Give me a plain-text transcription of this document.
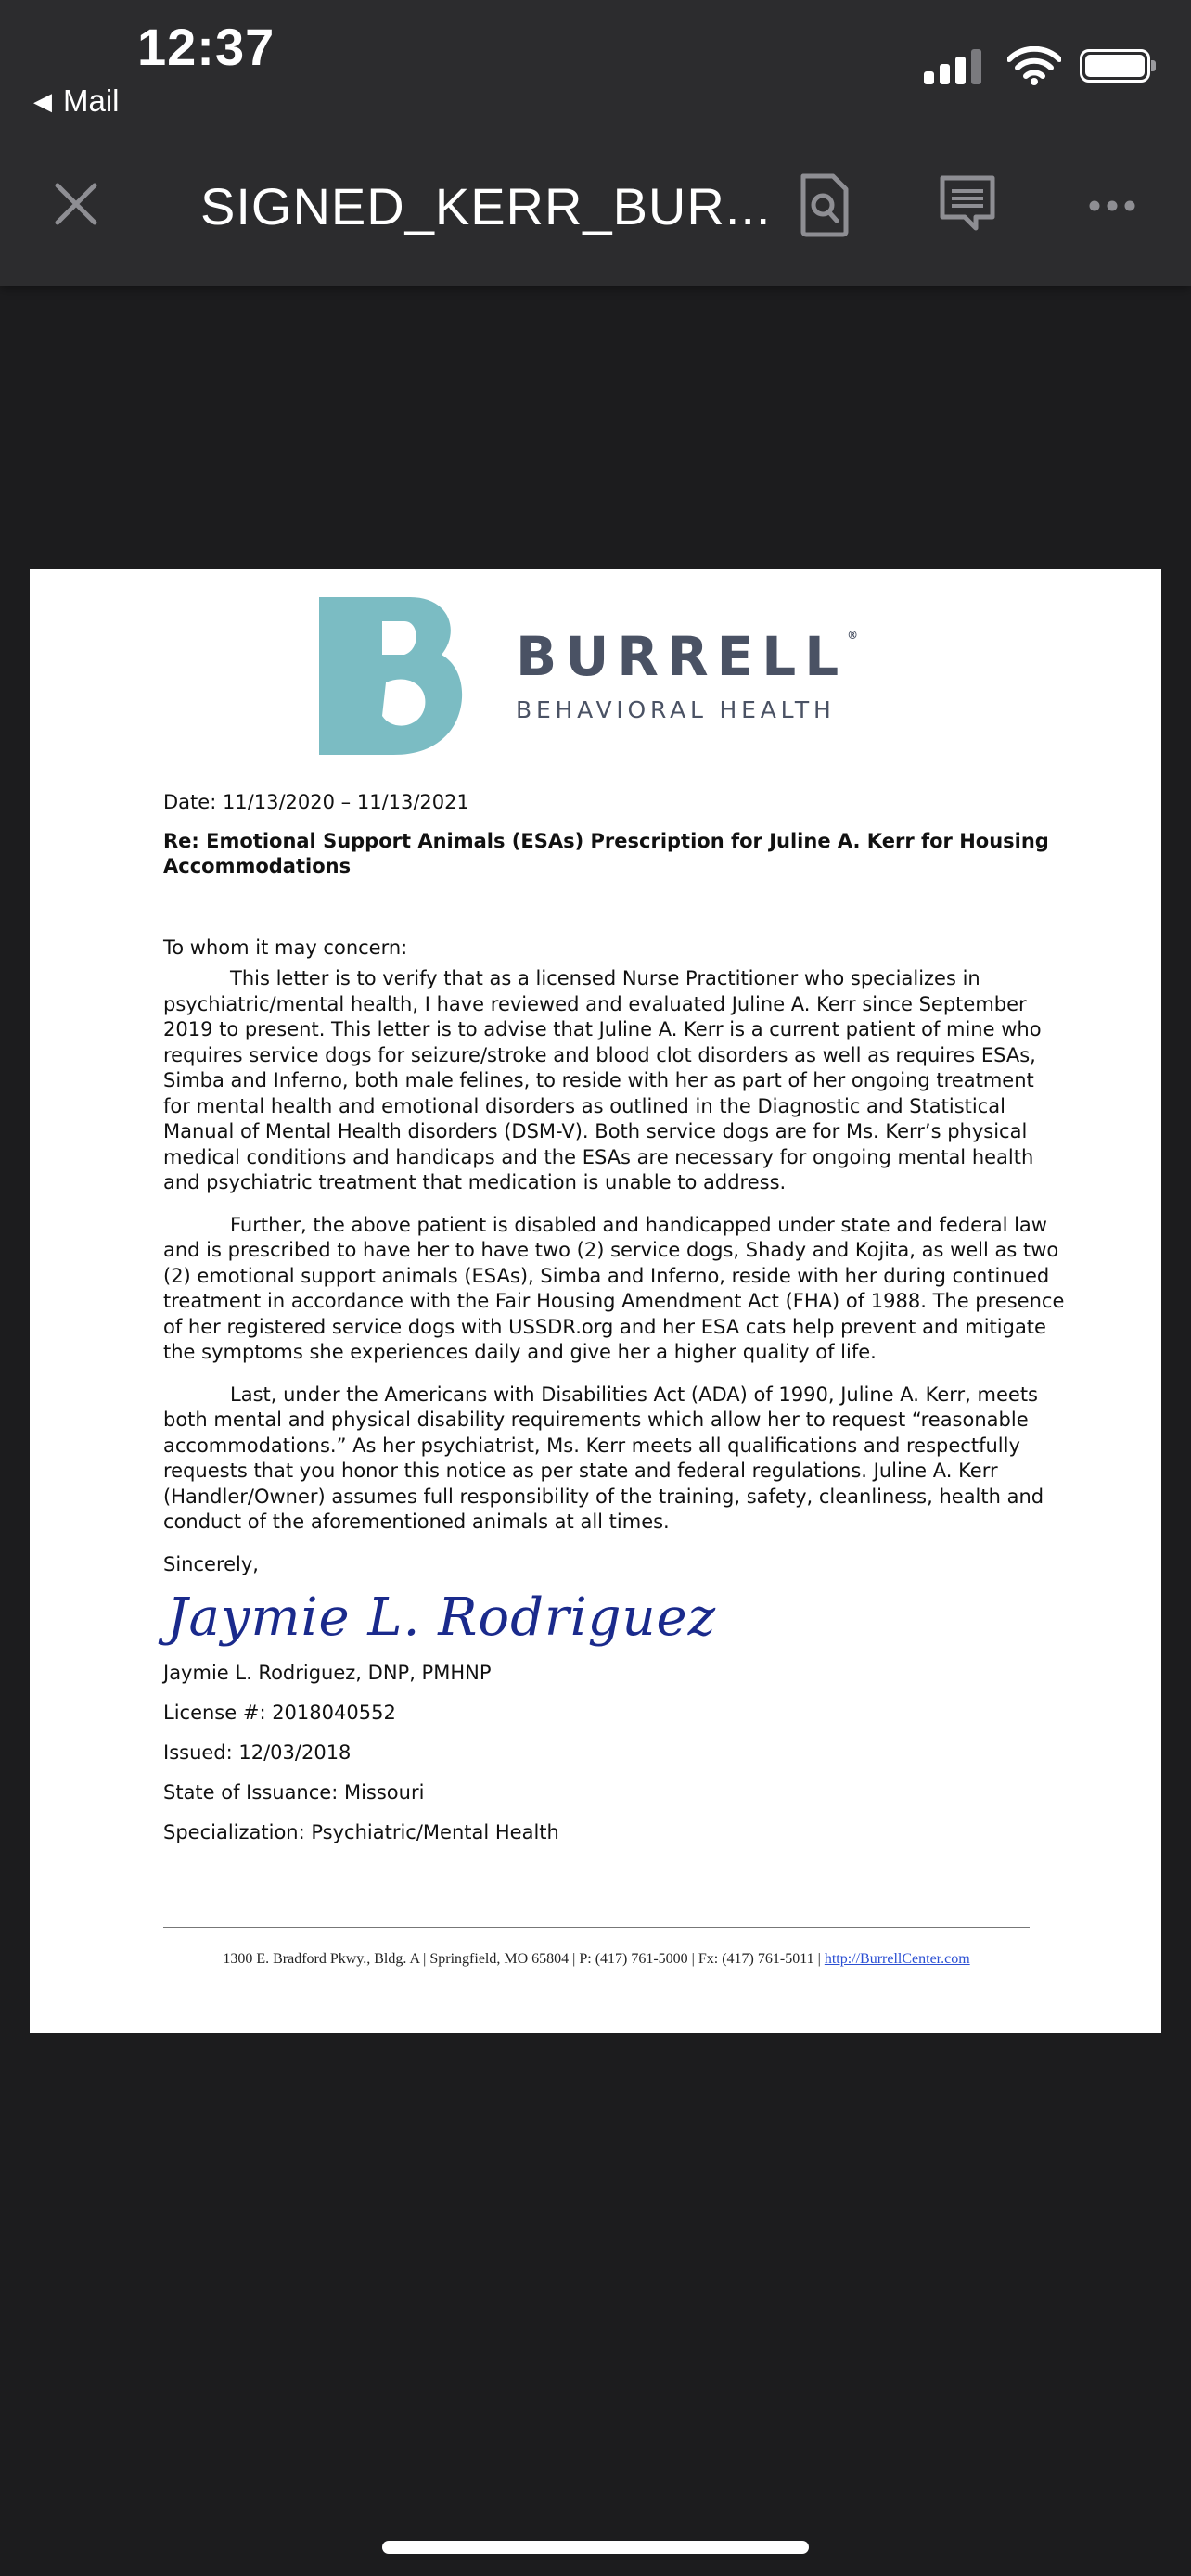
12:37
◀ Mail
SIGNED_KERR_BUR...
BURRELL®
BEHAVIORAL HEALTH

Date: 11/13/2020 – 11/13/2021

Re: Emotional Support Animals (ESAs) Prescription for Juline A. Kerr for Housing Accommodations

To whom it may concern:

This letter is to verify that as a licensed Nurse Practitioner who specializes in psychiatric/mental health, I have reviewed and evaluated Juline A. Kerr since September 2019 to present. This letter is to advise that Juline A. Kerr is a current patient of mine who requires service dogs for seizure/stroke and blood clot disorders as well as requires ESAs, Simba and Inferno, both male felines, to reside with her as part of her ongoing treatment for mental health and emotional disorders as outlined in the Diagnostic and Statistical Manual of Mental Health disorders (DSM-V). Both service dogs are for Ms. Kerr’s physical medical conditions and handicaps and the ESAs are necessary for ongoing mental health and psychiatric treatment that medication is unable to address.

Further, the above patient is disabled and handicapped under state and federal law and is prescribed to have her to have two (2) service dogs, Shady and Kojita, as well as two (2) emotional support animals (ESAs), Simba and Inferno, reside with her during continued treatment in accordance with the Fair Housing Amendment Act (FHA) of 1988. The presence of her registered service dogs with USSDR.org and her ESA cats help prevent and mitigate the symptoms she experiences daily and give her a higher quality of life.

Last, under the Americans with Disabilities Act (ADA) of 1990, Juline A. Kerr, meets both mental and physical disability requirements which allow her to request “reasonable accommodations.” As her psychiatrist, Ms. Kerr meets all qualifications and respectfully requests that you honor this notice as per state and federal regulations. Juline A. Kerr (Handler/Owner) assumes full responsibility of the training, safety, cleanliness, health and conduct of the aforementioned animals at all times.

Sincerely,

Jaymie L. Rodriguez

Jaymie L. Rodriguez, DNP, PMHNP

License #: 2018040552

Issued: 12/03/2018

State of Issuance: Missouri

Specialization: Psychiatric/Mental Health

1300 E. Bradford Pkwy., Bldg. A | Springfield, MO 65804 | P: (417) 761-5000 | Fx: (417) 761-5011 | http://BurrellCenter.com
